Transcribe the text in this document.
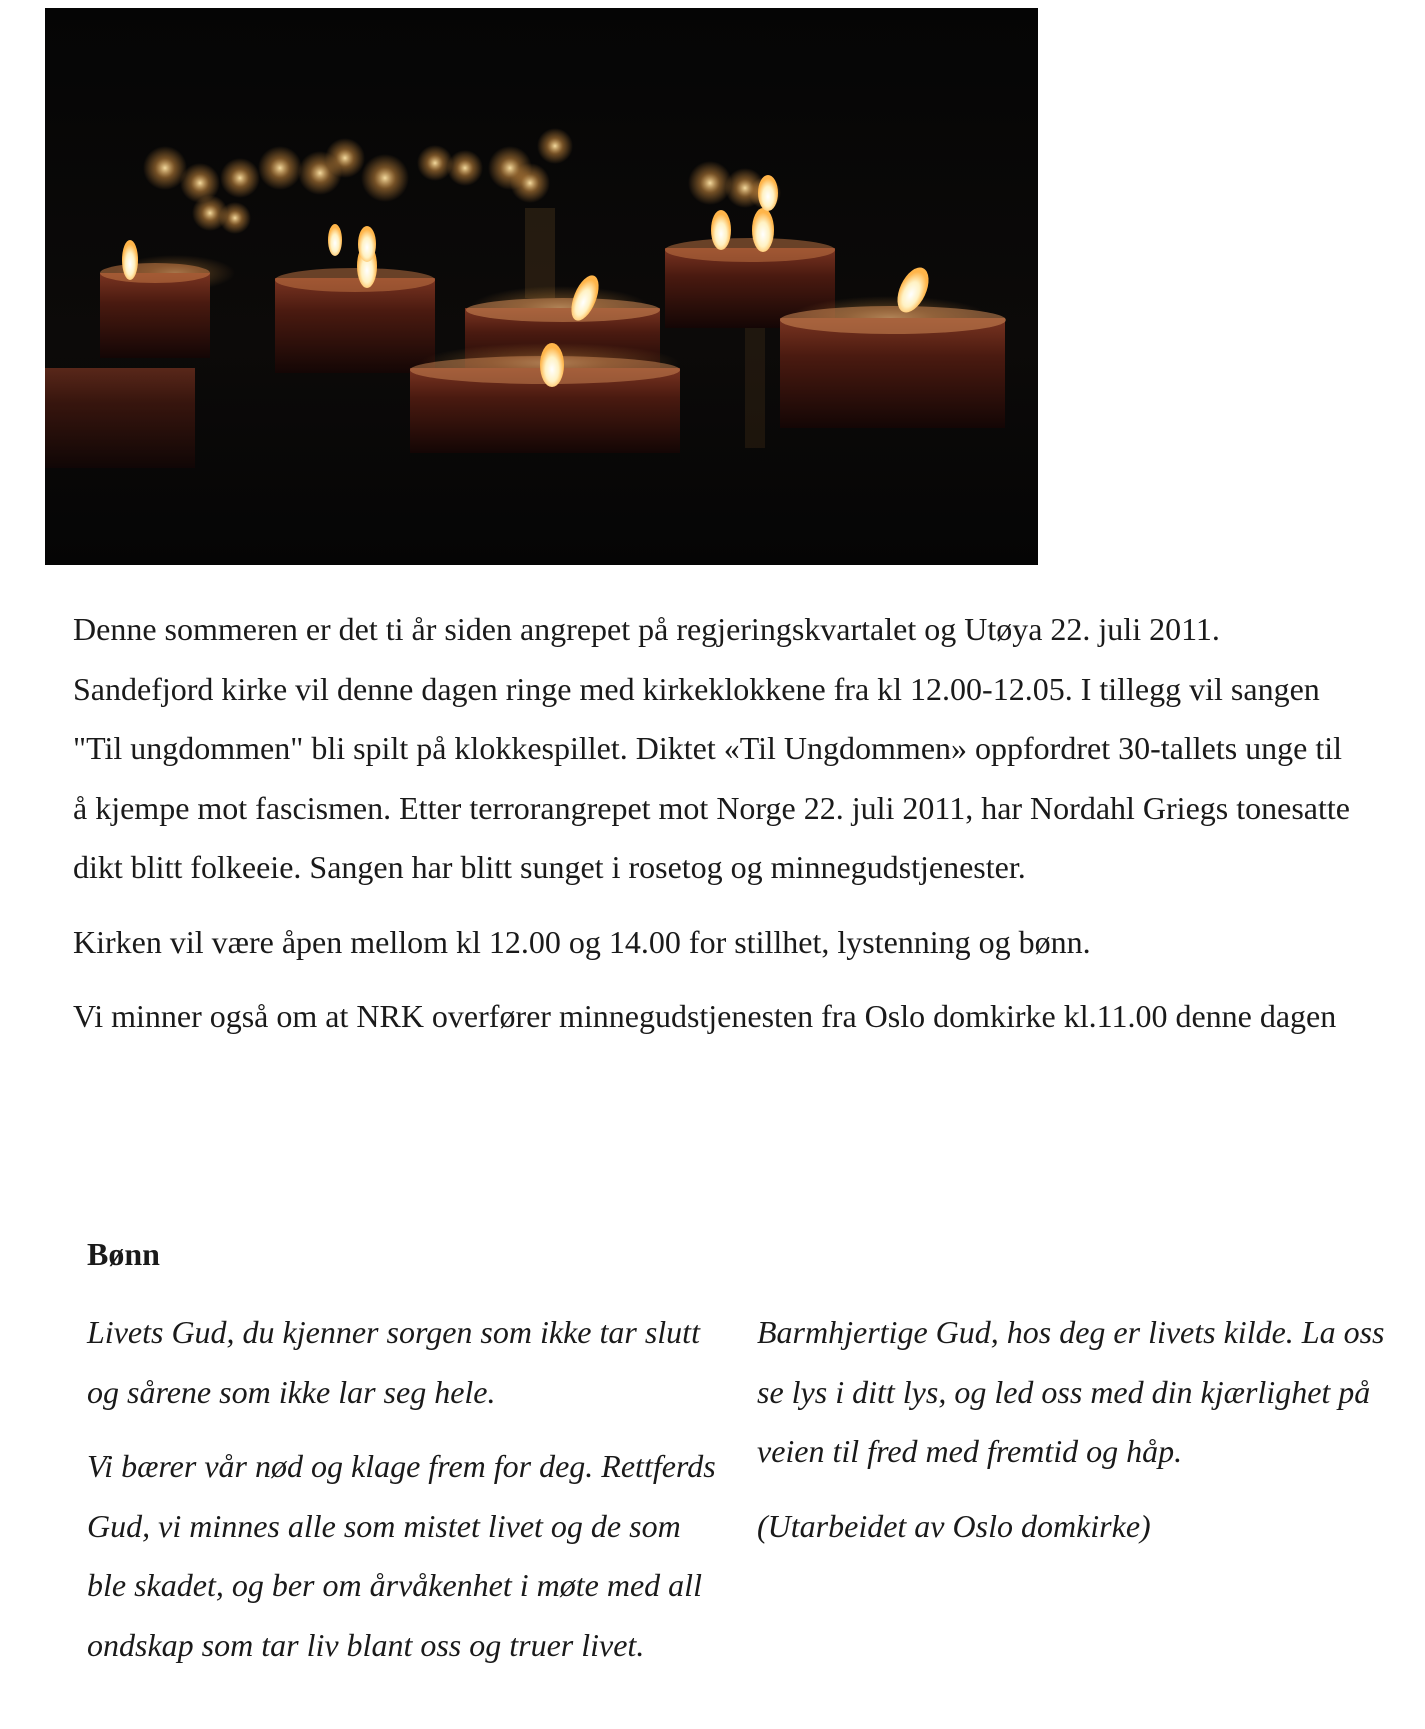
Denne sommeren er det ti år siden angrepet på regjeringskvartalet og Utøya 22. juli 2011. Sandefjord kirke vil denne dagen ringe med kirkeklokkene fra kl 12.00-12.05. I tillegg vil sangen "Til ungdommen" bli spilt på klokkespillet. Diktet «Til Ungdommen» oppfordret 30-tallets unge til å kjempe mot fascismen. Etter terrorangrepet mot Norge 22. juli 2011, har Nordahl Griegs tonesatte dikt blitt folkeeie. Sangen har blitt sunget i rosetog og minnegudstjenester.

Kirken vil være åpen mellom kl 12.00 og 14.00 for stillhet, lystenning og bønn.

Vi minner også om at NRK overfører minnegudstjenesten fra Oslo domkirke kl.11.00 denne dagen

Bønn

Livets Gud, du kjenner sorgen som ikke tar slutt og sårene som ikke lar seg hele.

Vi bærer vår nød og klage frem for deg. Rettferds Gud, vi minnes alle som mistet livet og de som ble skadet, og ber om årvåkenhet i møte med all ondskap som tar liv blant oss og truer livet.

Barmhjertige Gud, hos deg er livets kilde. La oss se lys i ditt lys, og led oss med din kjærlighet på veien til fred med fremtid og håp.

(Utarbeidet av Oslo domkirke)
